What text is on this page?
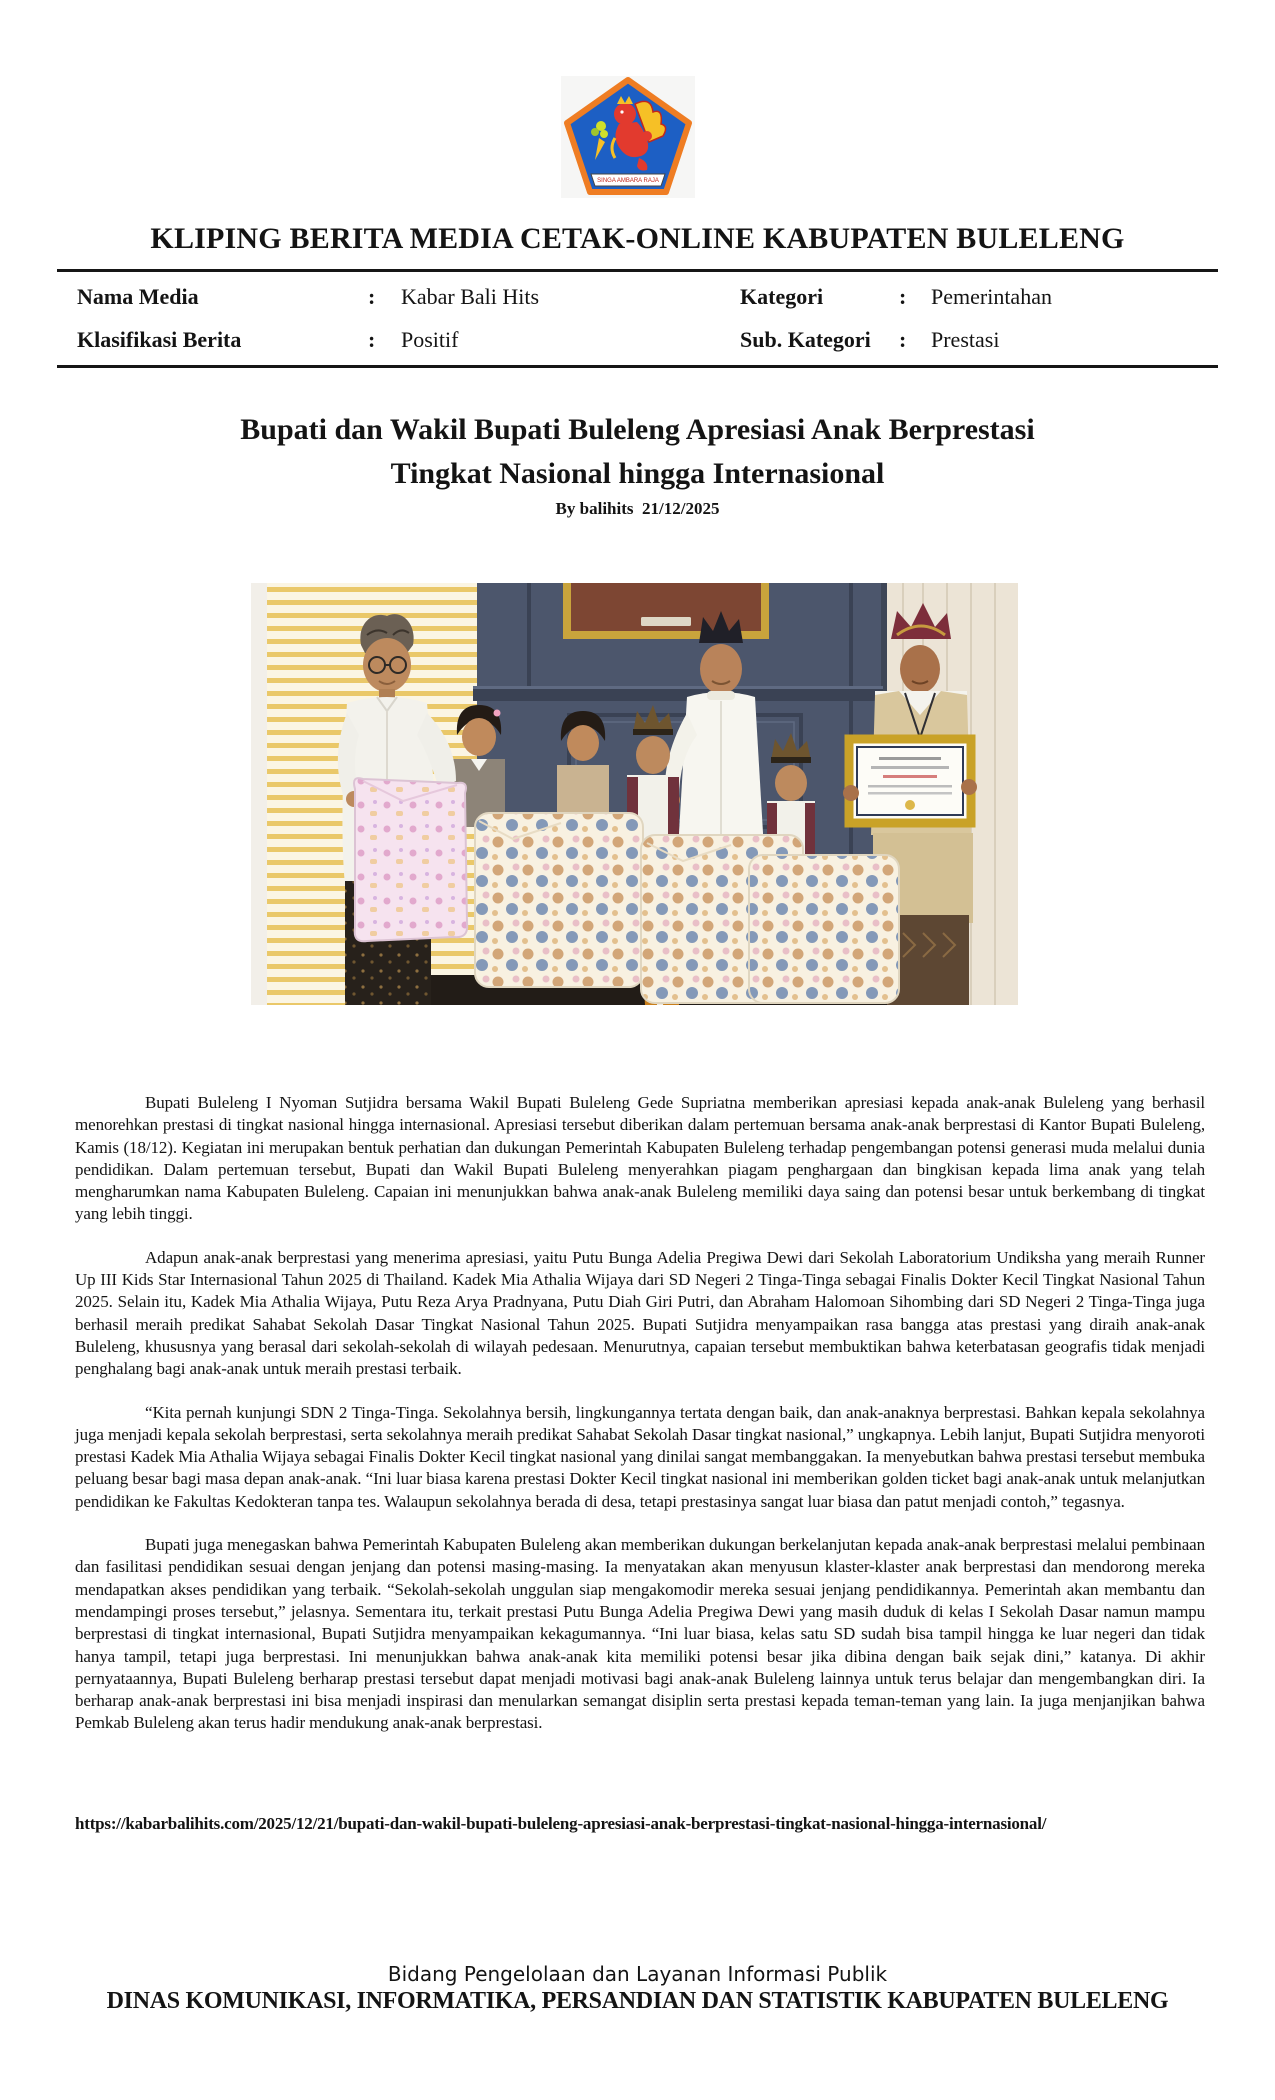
SINGA AMBARA RAJA
KLIPING BERITA MEDIA CETAK-ONLINE KABUPATEN BULELENG
Nama Media	: Kabar Bali Hits	Kategori	: Pemerintahan
Klasifikasi Berita	: Positif	Sub. Kategori : Prestasi
Bupati dan Wakil Bupati Buleleng Apresiasi Anak Berprestasi
Tingkat Nasional hingga Internasional
By balihits  21/12/2025

Bupati Buleleng I Nyoman Sutjidra bersama Wakil Bupati Buleleng Gede Supriatna memberikan apresiasi kepada anak-anak Buleleng yang berhasil menorehkan prestasi di tingkat nasional hingga internasional. Apresiasi tersebut diberikan dalam pertemuan bersama anak-anak berprestasi di Kantor Bupati Buleleng, Kamis (18/12). Kegiatan ini merupakan bentuk perhatian dan dukungan Pemerintah Kabupaten Buleleng terhadap pengembangan potensi generasi muda melalui dunia pendidikan. Dalam pertemuan tersebut, Bupati dan Wakil Bupati Buleleng menyerahkan piagam penghargaan dan bingkisan kepada lima anak yang telah mengharumkan nama Kabupaten Buleleng. Capaian ini menunjukkan bahwa anak-anak Buleleng memiliki daya saing dan potensi besar untuk berkembang di tingkat yang lebih tinggi.

Adapun anak-anak berprestasi yang menerima apresiasi, yaitu Putu Bunga Adelia Pregiwa Dewi dari Sekolah Laboratorium Undiksha yang meraih Runner Up III Kids Star Internasional Tahun 2025 di Thailand. Kadek Mia Athalia Wijaya dari SD Negeri 2 Tinga-Tinga sebagai Finalis Dokter Kecil Tingkat Nasional Tahun 2025. Selain itu, Kadek Mia Athalia Wijaya, Putu Reza Arya Pradnyana, Putu Diah Giri Putri, dan Abraham Halomoan Sihombing dari SD Negeri 2 Tinga-Tinga juga berhasil meraih predikat Sahabat Sekolah Dasar Tingkat Nasional Tahun 2025. Bupati Sutjidra menyampaikan rasa bangga atas prestasi yang diraih anak-anak Buleleng, khususnya yang berasal dari sekolah-sekolah di wilayah pedesaan. Menurutnya, capaian tersebut membuktikan bahwa keterbatasan geografis tidak menjadi penghalang bagi anak-anak untuk meraih prestasi terbaik.

“Kita pernah kunjungi SDN 2 Tinga-Tinga. Sekolahnya bersih, lingkungannya tertata dengan baik, dan anak-anaknya berprestasi. Bahkan kepala sekolahnya juga menjadi kepala sekolah berprestasi, serta sekolahnya meraih predikat Sahabat Sekolah Dasar tingkat nasional,” ungkapnya. Lebih lanjut, Bupati Sutjidra menyoroti prestasi Kadek Mia Athalia Wijaya sebagai Finalis Dokter Kecil tingkat nasional yang dinilai sangat membanggakan. Ia menyebutkan bahwa prestasi tersebut membuka peluang besar bagi masa depan anak-anak. “Ini luar biasa karena prestasi Dokter Kecil tingkat nasional ini memberikan golden ticket bagi anak-anak untuk melanjutkan pendidikan ke Fakultas Kedokteran tanpa tes. Walaupun sekolahnya berada di desa, tetapi prestasinya sangat luar biasa dan patut menjadi contoh,” tegasnya.

Bupati juga menegaskan bahwa Pemerintah Kabupaten Buleleng akan memberikan dukungan berkelanjutan kepada anak-anak berprestasi melalui pembinaan dan fasilitasi pendidikan sesuai dengan jenjang dan potensi masing-masing. Ia menyatakan akan menyusun klaster-klaster anak berprestasi dan mendorong mereka mendapatkan akses pendidikan yang terbaik. “Sekolah-sekolah unggulan siap mengakomodir mereka sesuai jenjang pendidikannya. Pemerintah akan membantu dan mendampingi proses tersebut,” jelasnya. Sementara itu, terkait prestasi Putu Bunga Adelia Pregiwa Dewi yang masih duduk di kelas I Sekolah Dasar namun mampu berprestasi di tingkat internasional, Bupati Sutjidra menyampaikan kekagumannya. “Ini luar biasa, kelas satu SD sudah bisa tampil hingga ke luar negeri dan tidak hanya tampil, tetapi juga berprestasi. Ini menunjukkan bahwa anak-anak kita memiliki potensi besar jika dibina dengan baik sejak dini,” katanya. Di akhir pernyataannya, Bupati Buleleng berharap prestasi tersebut dapat menjadi motivasi bagi anak-anak Buleleng lainnya untuk terus belajar dan mengembangkan diri. Ia berharap anak-anak berprestasi ini bisa menjadi inspirasi dan menularkan semangat disiplin serta prestasi kepada teman-teman yang lain. Ia juga menjanjikan bahwa Pemkab Buleleng akan terus hadir mendukung anak-anak berprestasi.

https://kabarbalihits.com/2025/12/21/bupati-dan-wakil-bupati-buleleng-apresiasi-anak-berprestasi-tingkat-nasional-hingga-internasional/
Bidang Pengelolaan dan Layanan Informasi Publik
DINAS KOMUNIKASI, INFORMATIKA, PERSANDIAN DAN STATISTIK KABUPATEN BULELENG
